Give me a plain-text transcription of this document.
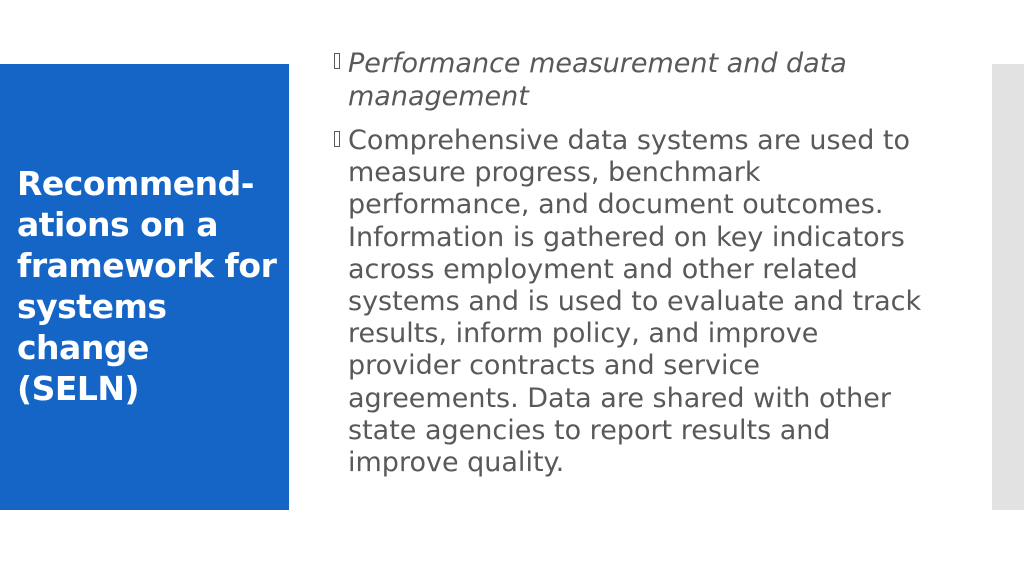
Recommend-
ations on a
framework for
systems
change
(SELN)
Performance measurement and data
management
Comprehensive data systems are used to
measure progress, benchmark
performance, and document outcomes.
Information is gathered on key indicators
across employment and other related
systems and is used to evaluate and track
results, inform policy, and improve
provider contracts and service
agreements. Data are shared with other
state agencies to report results and
improve quality.
